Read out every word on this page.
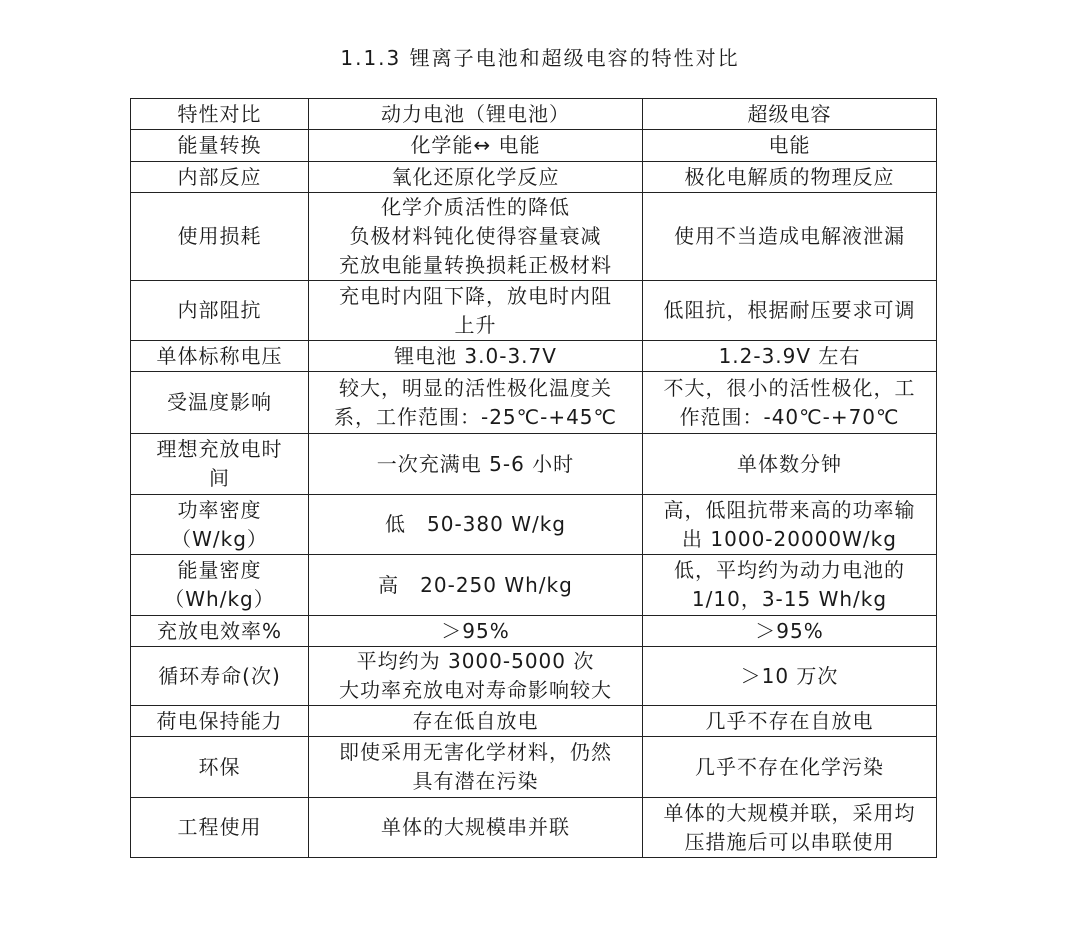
1.1.3 锂离子电池和超级电容的特性对比
特性对比	动力电池（锂电池）	超级电容

能量转换	化学能↔ 电能	电能

内部反应	氧化还原化学反应	极化电解质的物理反应

使用损耗	化学介质活性的降低
负极材料钝化使得容量衰减
充放电能量转换损耗正极材料	使用不当造成电解液泄漏

内部阻抗	充电时内阻下降，放电时内阻
上升	低阻抗，根据耐压要求可调

单体标称电压	锂电池 3.0-3.7V	1.2-3.9V 左右

受温度影响	较大，明显的活性极化温度关
系，工作范围：-25℃-+45℃	不大，很小的活性极化，工
作范围：-40℃-+70℃

理想充放电时
间	一次充满电 5-6 小时	单体数分钟

功率密度
（W/kg）	低　50-380 W/kg	高，低阻抗带来高的功率输
出 1000-20000W/kg

能量密度
（Wh/kg）	高　20-250 Wh/kg	低，平均约为动力电池的
1/10，3-15 Wh/kg

充放电效率%	＞95%	＞95%

循环寿命(次)	平均约为 3000-5000 次
大功率充放电对寿命影响较大	＞10 万次

荷电保持能力	存在低自放电	几乎不存在自放电

环保	即使采用无害化学材料，仍然
具有潜在污染	几乎不存在化学污染

工程使用	单体的大规模串并联	单体的大规模并联，采用均
压措施后可以串联使用
